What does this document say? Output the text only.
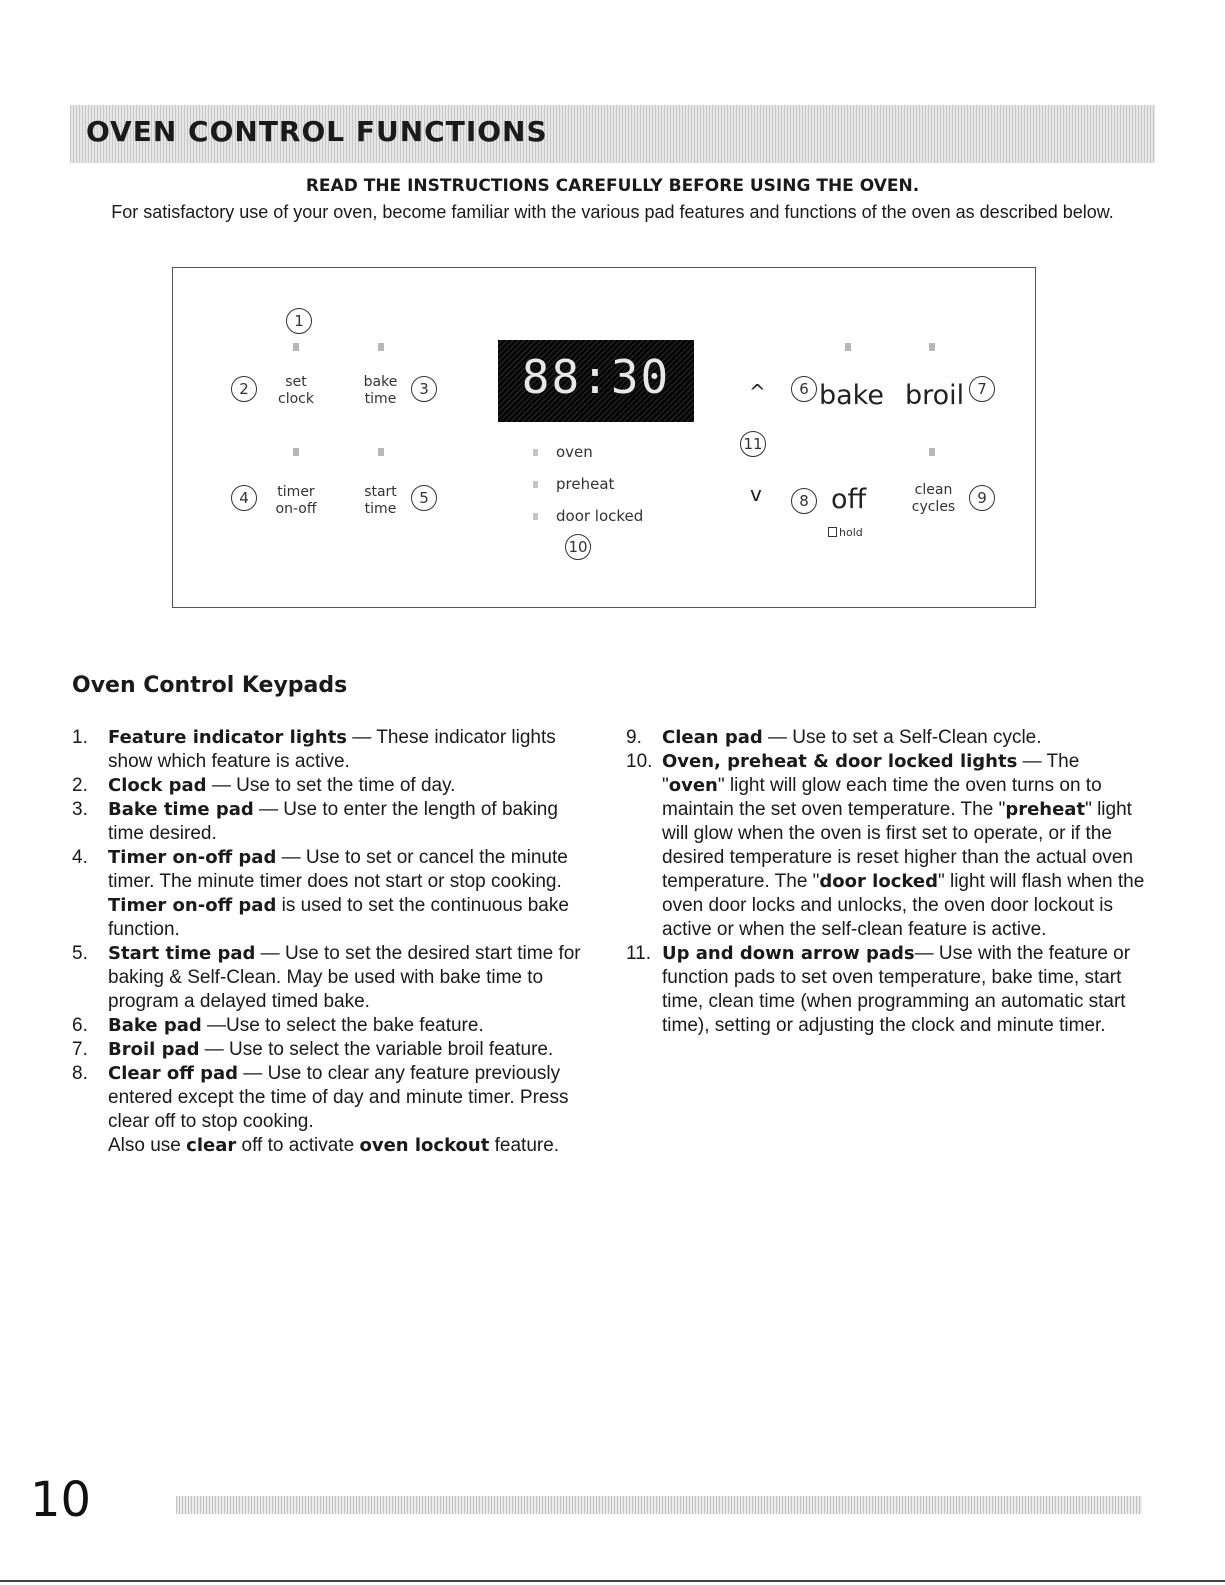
OVEN CONTROL FUNCTIONS
READ THE INSTRUCTIONS CAREFULLY BEFORE USING THE OVEN.
For satisfactory use of your oven, become familiar with the various pad features and functions of the oven as described below.
1
2	set
clock
bake
time
3
4	timer
on-off
start
time
5
88:30
oven
preheat
door locked
10
^
11
v
6 bake broil 7
8 off
hold
clean
cycles	9
Oven Control Keypads
1. Feature indicator lights — These indicator lights show which feature is active.
2. Clock pad — Use to set the time of day.
3. Bake time pad — Use to enter the length of baking time desired.
4. Timer on-off pad — Use to set or cancel the minute timer. The minute timer does not start or stop cooking. Timer on-off pad is used to set the continuous bake function.
5. Start time pad — Use to set the desired start time for baking & Self-Clean. May be used with bake time to program a delayed timed bake.
6. Bake pad —Use to select the bake feature.
7. Broil pad — Use to select the variable broil feature.
8. Clear off pad — Use to clear any feature previously entered except the time of day and minute timer. Press clear off to stop cooking.
Also use clear off to activate oven lockout feature.
9. Clean pad — Use to set a Self-Clean cycle.
10. Oven, preheat & door locked lights — The "oven" light will glow each time the oven turns on to maintain the set oven temperature. The "preheat" light will glow when the oven is first set to operate, or if the desired temperature is reset higher than the actual oven temperature. The "door locked" light will flash when the oven door locks and unlocks, the oven door lockout is active or when the self-clean feature is active.
11. Up and down arrow pads— Use with the feature or function pads to set oven temperature, bake time, start time, clean time (when programming an automatic start time), setting or adjusting the clock and minute timer.
10
